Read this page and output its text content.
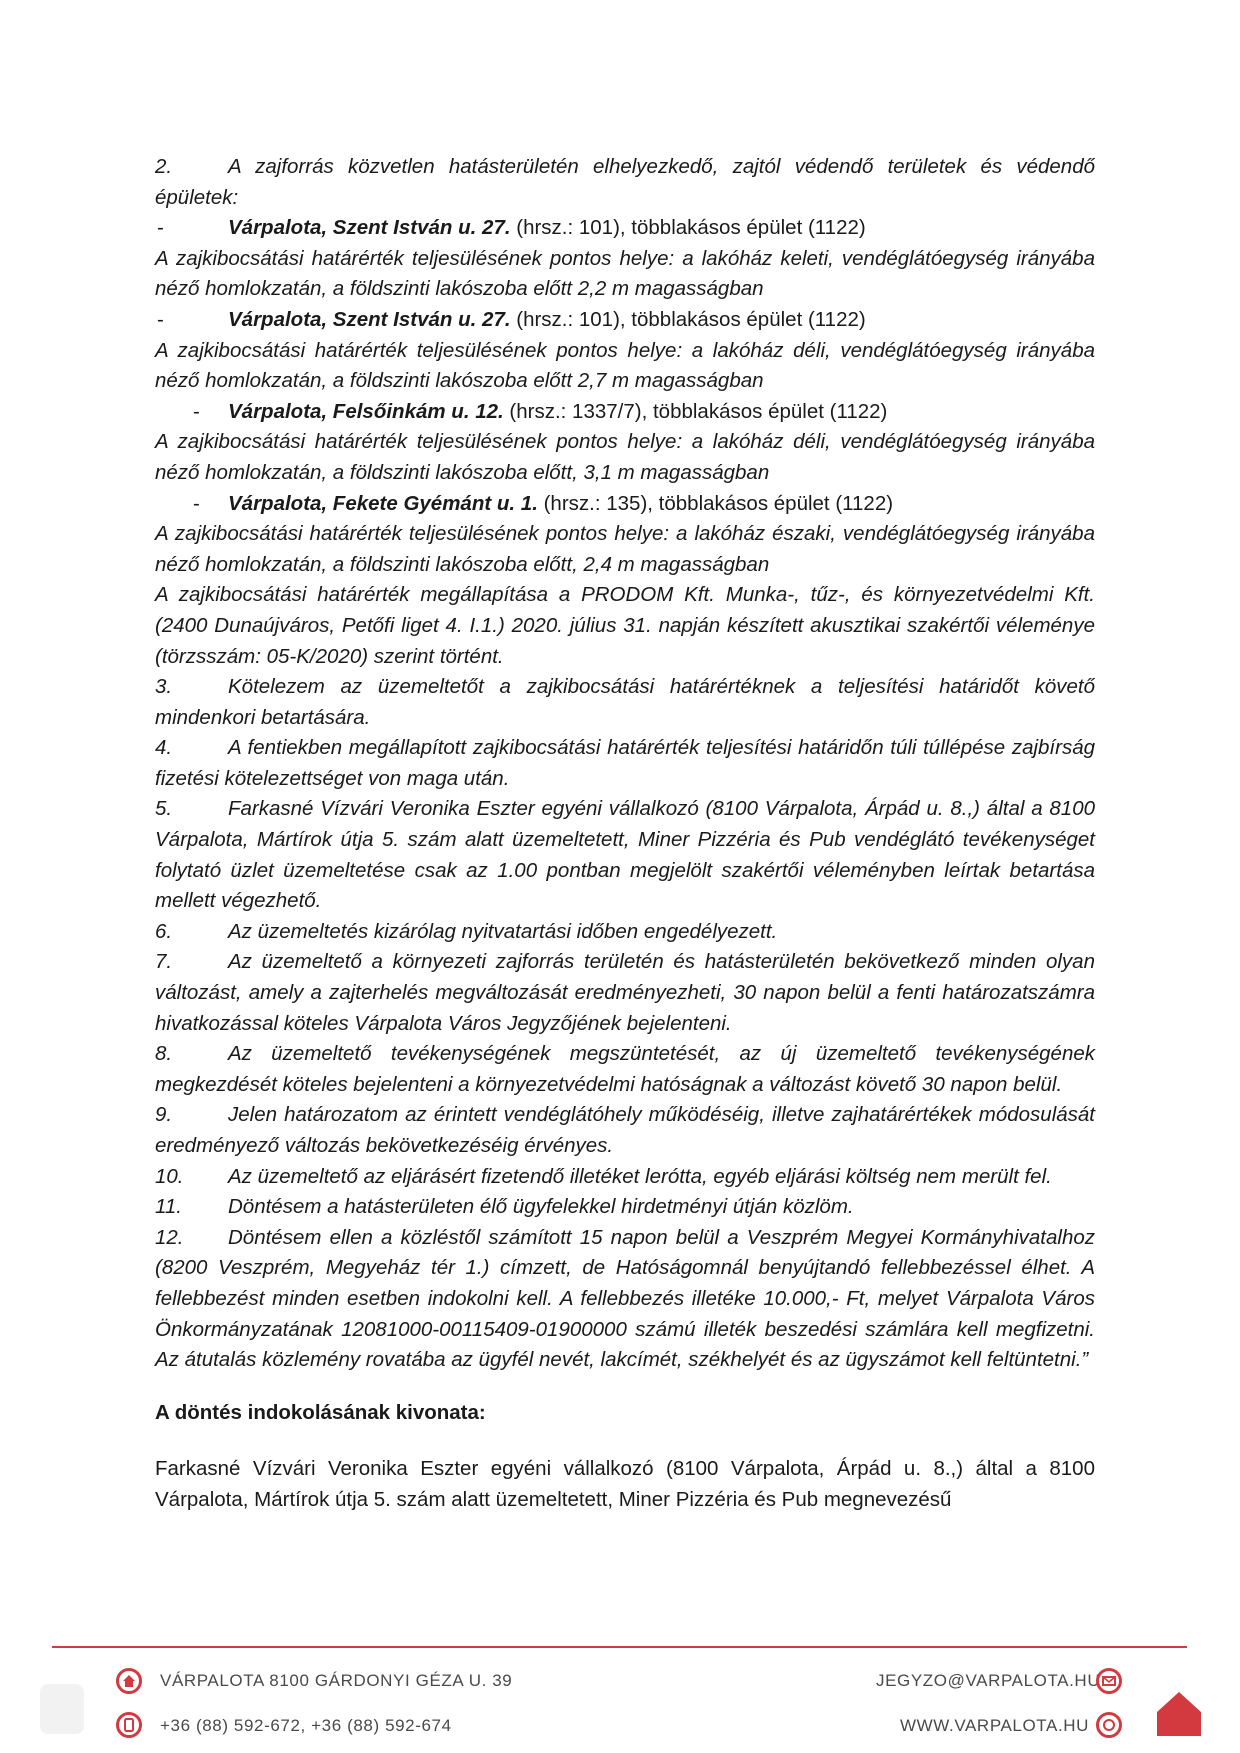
2.	A zajforrás közvetlen hatásterületén elhelyezkedő, zajtól védendő területek és védendő épületek:

-	Várpalota, Szent István u. 27. (hrsz.: 101), többlakásos épület (1122)

A zajkibocsátási határérték teljesülésének pontos helye: a lakóház keleti, vendéglátóegység irányába néző homlokzatán, a földszinti lakószoba előtt 2,2 m magasságban

-	Várpalota, Szent István u. 27. (hrsz.: 101), többlakásos épület (1122)

A zajkibocsátási határérték teljesülésének pontos helye: a lakóház déli, vendéglátóegység irányába néző homlokzatán, a földszinti lakószoba előtt 2,7 m magasságban

- Várpalota, Felsőinkám u. 12. (hrsz.: 1337/7), többlakásos épület (1122)

A zajkibocsátási határérték teljesülésének pontos helye: a lakóház déli, vendéglátóegység irányába néző homlokzatán, a földszinti lakószoba előtt, 3,1 m magasságban

- Várpalota, Fekete Gyémánt u. 1. (hrsz.: 135), többlakásos épület (1122)

A zajkibocsátási határérték teljesülésének pontos helye: a lakóház északi, vendéglátóegység irányába néző homlokzatán, a földszinti lakószoba előtt, 2,4 m magasságban

A zajkibocsátási határérték megállapítása a PRODOM Kft. Munka-, tűz-, és környezetvédelmi Kft. (2400 Dunaújváros, Petőfi liget 4. I.1.) 2020. július 31. napján készített akusztikai szakértői véleménye (törzsszám: 05-K/2020) szerint történt.

3.	Kötelezem az üzemeltetőt a zajkibocsátási határértéknek a teljesítési határidőt követő mindenkori betartására.

4.	A fentiekben megállapított zajkibocsátási határérték teljesítési határidőn túli túllépése zajbírság fizetési kötelezettséget von maga után.

5.	Farkasné Vízvári Veronika Eszter egyéni vállalkozó (8100 Várpalota, Árpád u. 8.,) által a 8100 Várpalota, Mártírok útja 5. szám alatt üzemeltetett, Miner Pizzéria és Pub vendéglátó tevékenységet folytató üzlet üzemeltetése csak az 1.00 pontban megjelölt szakértői véleményben leírtak betartása mellett végezhető.

6.	Az üzemeltetés kizárólag nyitvatartási időben engedélyezett.

7.	Az üzemeltető a környezeti zajforrás területén és hatásterületén bekövetkező minden olyan változást, amely a zajterhelés megváltozását eredményezheti, 30 napon belül a fenti határozatszámra hivatkozással köteles Várpalota Város Jegyzőjének bejelenteni.

8.	Az üzemeltető tevékenységének megszüntetését, az új üzemeltető tevékenységének megkezdését köteles bejelenteni a környezetvédelmi hatóságnak a változást követő 30 napon belül.

9.	Jelen határozatom az érintett vendéglátóhely működéséig, illetve zajhatárértékek módosulását eredményező változás bekövetkezéséig érvényes.

10. Az üzemeltető az eljárásért fizetendő illetéket lerótta, egyéb eljárási költség nem merült fel.

11. Döntésem a hatásterületen élő ügyfelekkel hirdetményi útján közlöm.

12. Döntésem ellen a közléstől számított 15 napon belül a Veszprém Megyei Kormányhivatalhoz (8200 Veszprém, Megyeház tér 1.) címzett, de Hatóságomnál benyújtandó fellebbezéssel élhet. A fellebbezést minden esetben indokolni kell. A fellebbezés illetéke 10.000,- Ft, melyet Várpalota Város Önkormányzatának 12081000-00115409-01900000 számú illeték beszedési számlára kell megfizetni. Az átutalás közlemény rovatába az ügyfél nevét, lakcímét, székhelyét és az ügyszámot kell feltüntetni.”

A döntés indokolásának kivonata:

Farkasné Vízvári Veronika Eszter egyéni vállalkozó (8100 Várpalota, Árpád u. 8.,) által a 8100 Várpalota, Mártírok útja 5. szám alatt üzemeltetett, Miner Pizzéria és Pub megnevezésű

VÁRPALOTA 8100 GÁRDONYI GÉZA U. 39
+36 (88) 592-672, +36 (88) 592-674
JEGYZO@VARPALOTA.HU
WWW.VARPALOTA.HU
